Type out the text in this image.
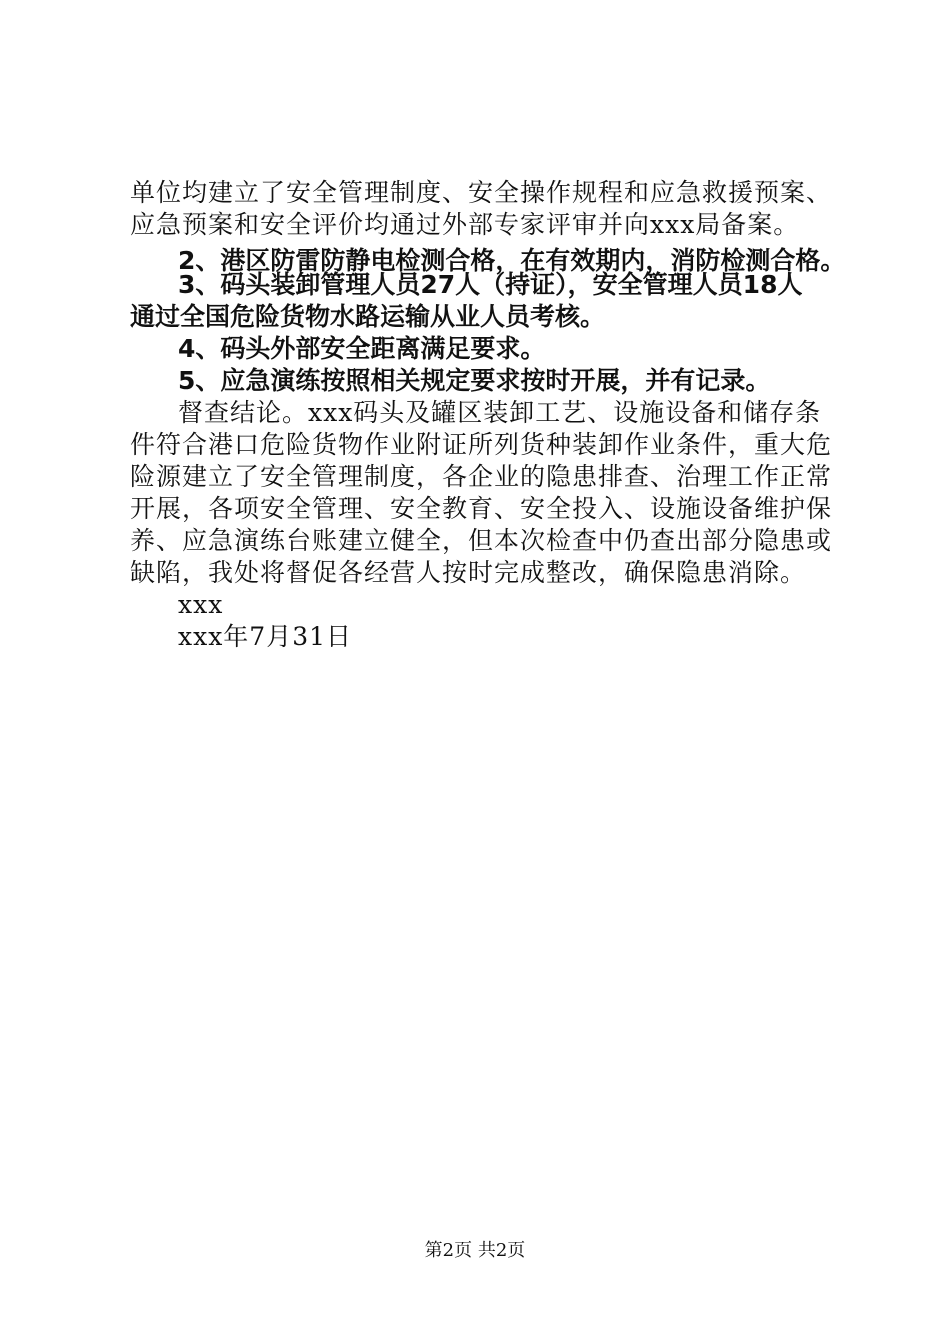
单位均建立了安全管理制度、安全操作规程和应急救援预案、
应急预案和安全评价均通过外部专家评审并向xxx局备案。
2、港区防雷防静电检测合格，在有效期内，消防检测合格。
3、码头装卸管理人员27人（持证），安全管理人员18人
通过全国危险货物水路运输从业人员考核。
4、码头外部安全距离满足要求。
5、应急演练按照相关规定要求按时开展，并有记录。
督查结论。xxx码头及罐区装卸工艺、设施设备和储存条
件符合港口危险货物作业附证所列货种装卸作业条件，重大危
险源建立了安全管理制度，各企业的隐患排查、治理工作正常
开展，各项安全管理、安全教育、安全投入、设施设备维护保
养、应急演练台账建立健全，但本次检查中仍查出部分隐患或
缺陷，我处将督促各经营人按时完成整改，确保隐患消除。
xxx
xxx年7月31日
第2页 共2页
